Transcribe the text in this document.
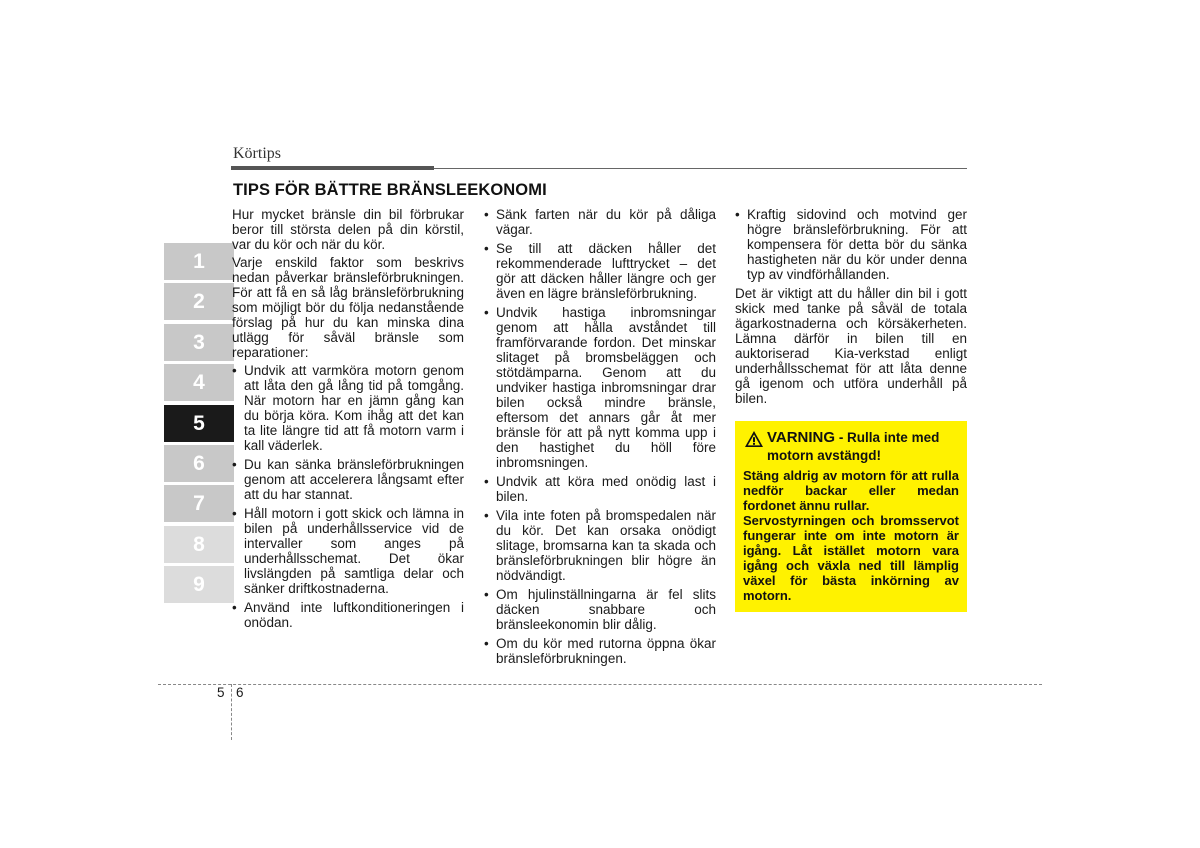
Körtips
TIPS FÖR BÄTTRE BRÄNSLEEKONOMI
1
2
3
4
5
6
7
8
9

Hur mycket bränsle din bil förbrukar beror till största delen på din körstil, var du kör och när du kör.

Varje enskild faktor som beskrivs nedan påverkar bränsleförbrukningen. För att få en så låg bränsleförbrukning som möjligt bör du följa nedanstående förslag på hur du kan minska dina utlägg för såväl bränsle som reparationer:

• Undvik att varmköra motorn genom att låta den gå lång tid på tomgång. När motorn har en jämn gång kan du börja köra. Kom ihåg att det kan ta lite längre tid att få motorn varm i kall väderlek.
• Du kan sänka bränsleförbrukningen genom att accelerera långsamt efter att du har stannat.
• Håll motorn i gott skick och lämna in bilen på underhållsservice vid de intervaller som anges på underhållsschemat. Det ökar livslängden på samtliga delar och sänker driftkostnaderna.
• Använd inte luftkonditioneringen i onödan.
• Sänk farten när du kör på dåliga vägar.
• Se till att däcken håller det rekommenderade lufttrycket – det gör att däcken håller längre och ger även en lägre bränsleförbrukning.
• Undvik hastiga inbromsningar genom att hålla avståndet till framförvarande fordon. Det minskar slitaget på bromsbeläggen och stötdämparna. Genom att du undviker hastiga inbromsningar drar bilen också mindre bränsle, eftersom det annars går åt mer bränsle för att på nytt komma upp i den hastighet du höll före inbromsningen.
• Undvik att köra med onödig last i bilen.
• Vila inte foten på bromspedalen när du kör. Det kan orsaka onödigt slitage, bromsarna kan ta skada och bränsleförbrukningen blir högre än nödvändigt.
• Om hjulinställningarna är fel slits däcken snabbare och bränsleekonomin blir dålig.
• Om du kör med rutorna öppna ökar bränsleförbrukningen.
• Kraftig sidovind och motvind ger högre bränsleförbrukning. För att kompensera för detta bör du sänka hastigheten när du kör under denna typ av vindförhållanden.

Det är viktigt att du håller din bil i gott skick med tanke på såväl de totala ägarkostnaderna och körsäkerheten. Lämna därför in bilen till en auktoriserad Kia-verkstad enligt underhållsschemat för att låta denne gå igenom och utföra underhåll på bilen.

VARNING - Rulla inte med motorn avstängd!
Stäng aldrig av motorn för att rulla nedför backar eller medan fordonet ännu rullar.
Servostyrningen och bromsservot fungerar inte om inte motorn är igång. Låt istället motorn vara igång och växla ned till lämplig växel för bästa inkörning av motorn.
5 6
